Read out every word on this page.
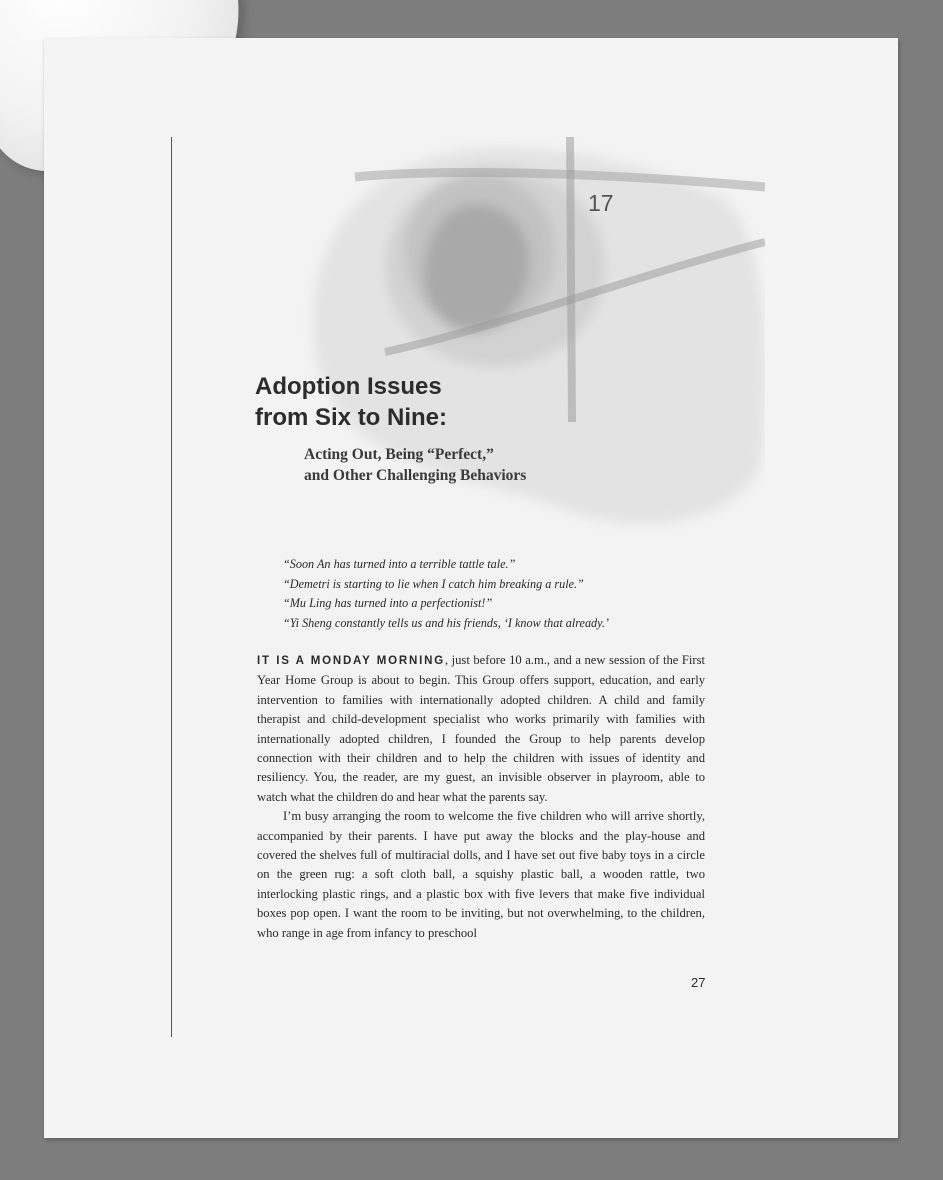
17
Adoption Issues
from Six to Nine:
Acting Out, Being “Perfect,”
and Other Challenging Behaviors
“Soon An has turned into a terrible tattle tale.”
“Demetri is starting to lie when I catch him breaking a rule.”
“Mu Ling has turned into a perfectionist!”
“Yi Sheng constantly tells us and his friends, ‘I know that already.’

IT IS A MONDAY MORNING, just before 10 a.m., and a new session of the First Year Home Group is about to begin. This Group offers support, education, and early intervention to families with internationally adopted children. A child and family therapist and child-development specialist who works primarily with families with internationally adopted children, I founded the Group to help parents develop connection with their children and to help the children with issues of identity and resiliency. You, the reader, are my guest, an invisible observer in playroom, able to watch what the children do and hear what the parents say.

I’m busy arranging the room to welcome the five children who will arrive shortly, accompanied by their parents. I have put away the blocks and the play-house and covered the shelves full of multiracial dolls, and I have set out five baby toys in a circle on the green rug: a soft cloth ball, a squishy plastic ball, a wooden rattle, two interlocking plastic rings, and a plastic box with five levers that make five individual boxes pop open. I want the room to be inviting, but not overwhelming, to the children, who range in age from infancy to preschool

27
